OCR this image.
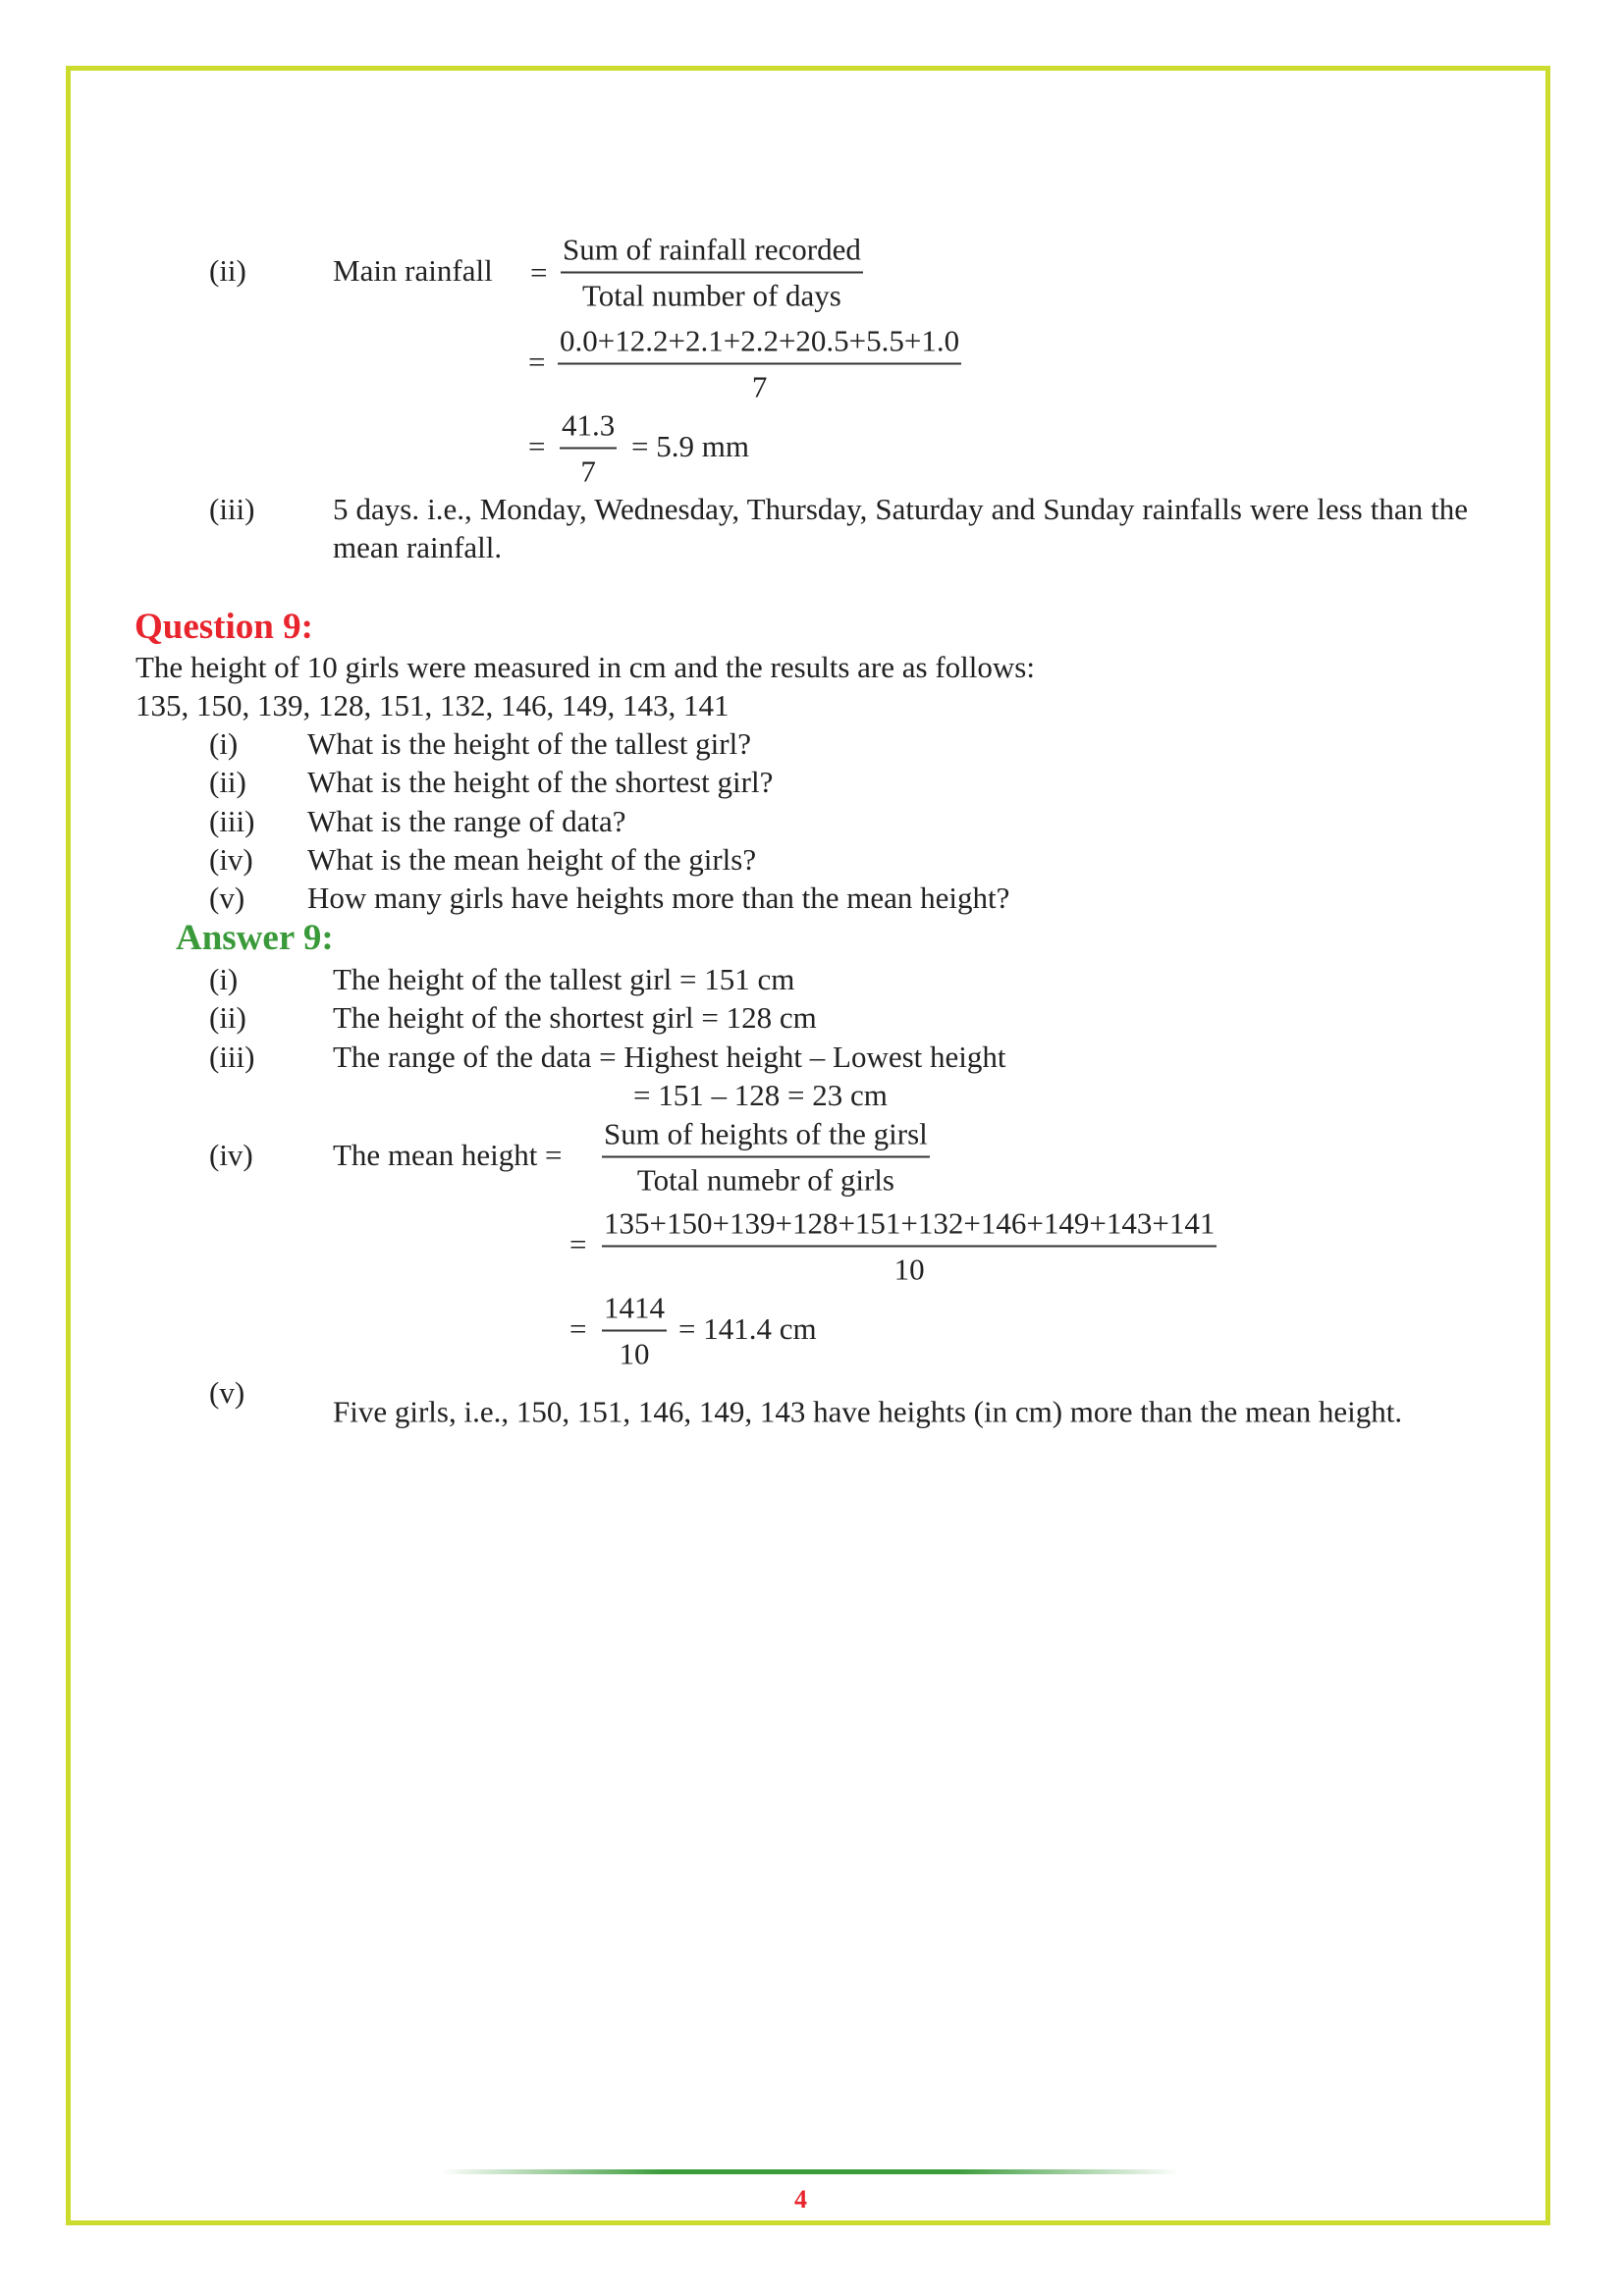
(ii)	Main rainfall =
Sum of rainfall recorded
Total number of days
=
0.0+12.2+2.1+2.2+20.5+5.5+1.0
7
=
41.3
7
= 5.9 mm
(iii)	5 days. i.e., Monday, Wednesday, Thursday, Saturday and Sunday rainfalls were less than the mean rainfall.
Question 9:
The height of 10 girls were measured in cm and the results are as follows:
135, 150, 139, 128, 151, 132, 146, 149, 143, 141
(i) What is the height of the tallest girl?
(ii) What is the height of the shortest girl?
(iii) What is the range of data?
(iv) What is the mean height of the girls?
(v) How many girls have heights more than the mean height?
Answer 9:
(i)	The height of the tallest girl = 151 cm
(ii)	The height of the shortest girl = 128 cm
(iii)	The range of the data = Highest height – Lowest height
= 151 – 128 = 23 cm
(iv)	The mean height =
Sum of heights of the girsl
Total numebr of girls
=
135+150+139+128+151+132+146+149+143+141
10
=
1414
10
= 141.4 cm
(v)
Five girls, i.e., 150, 151, 146, 149, 143 have heights (in cm) more than the mean height.
4
